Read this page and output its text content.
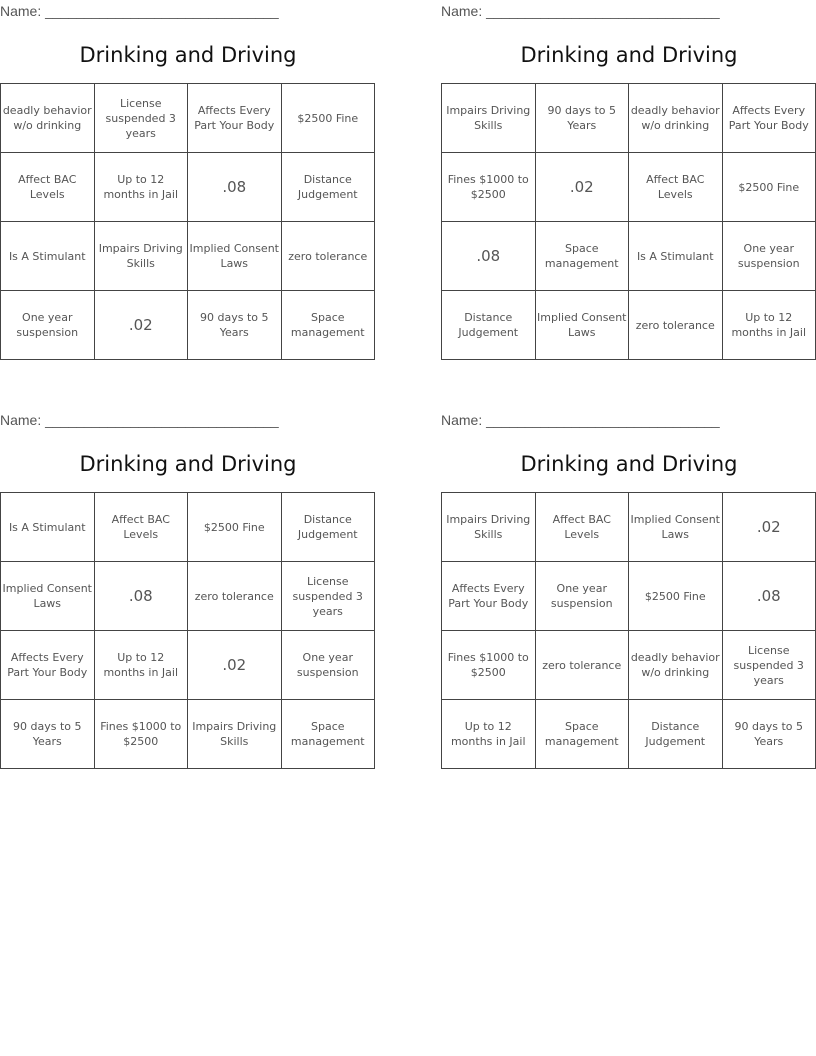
Name: ______________________________
Drinking and Driving
deadly behavior w/o drinking	License suspended 3 years	Affects Every Part Your Body	$2500 Fine
Affect BAC Levels	Up to 12 months in Jail	.08	Distance Judgement
Is A Stimulant	Impairs Driving Skills	Implied Consent Laws	zero tolerance
One year suspension	.02	90 days to 5 Years	Space management
Name: ______________________________
Drinking and Driving
Impairs Driving Skills	90 days to 5 Years	deadly behavior w/o drinking	Affects Every Part Your Body
Fines $1000 to $2500	.02	Affect BAC Levels	$2500 Fine
.08	Space management	Is A Stimulant	One year suspension
Distance Judgement	Implied Consent Laws	zero tolerance	Up to 12 months in Jail
Name: ______________________________
Drinking and Driving
Is A Stimulant	Affect BAC Levels	$2500 Fine	Distance Judgement
Implied Consent Laws	.08	zero tolerance	License suspended 3 years
Affects Every Part Your Body	Up to 12 months in Jail	.02	One year suspension
90 days to 5 Years	Fines $1000 to $2500	Impairs Driving Skills	Space management
Name: ______________________________
Drinking and Driving
Impairs Driving Skills	Affect BAC Levels	Implied Consent Laws	.02
Affects Every Part Your Body	One year suspension	$2500 Fine	.08
Fines $1000 to $2500	zero tolerance	deadly behavior w/o drinking	License suspended 3 years
Up to 12 months in Jail	Space management	Distance Judgement	90 days to 5 Years
